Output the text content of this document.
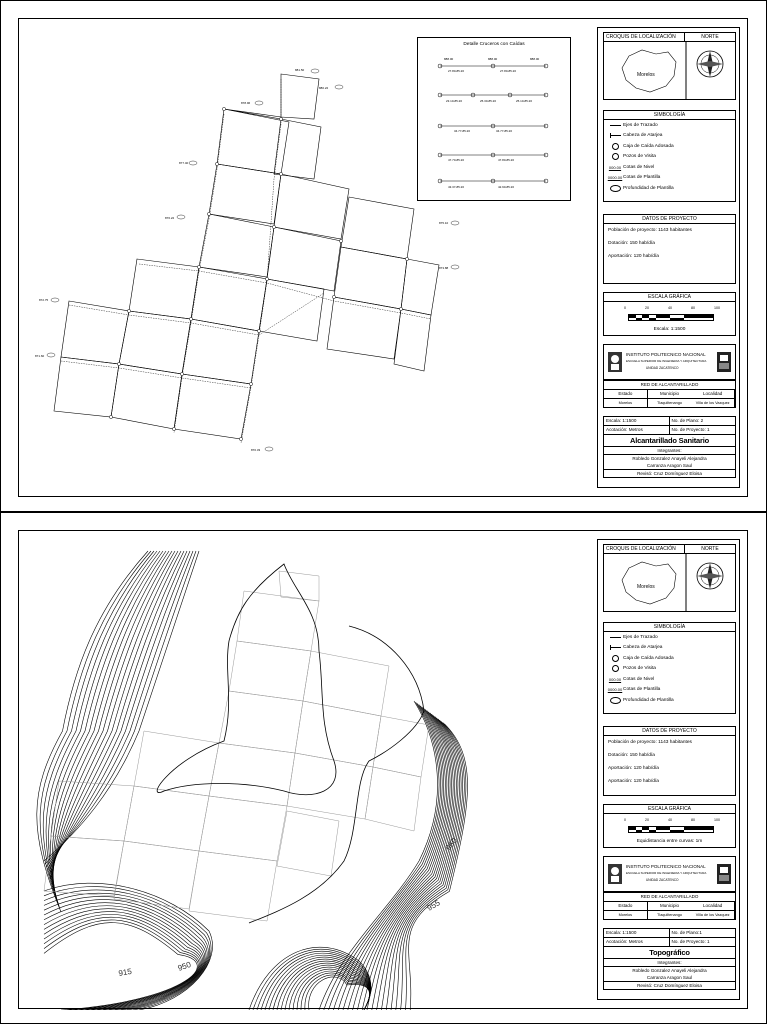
881.50
880.22
878.96
877.40
876.22
875.10
873.88
872.75
871.60
870.33
Detalle Cruceros con Caídas
888.00	888.00	888.00
27.80-85.20	27.80-85.20
23.10-85.20	25.30-85.20	25.10-85.20
34.77-85.20	34.77-85.20
47.70-85.20	47.80-85.20
43.37-85.20	42.90-85.20
CROQUIS DE LOCALIZACIÓN	NORTE
Morelos
SIMBOLOGÍA
Ejes de Trazado
Cabeza de Atarjea
Caja de Caída Adosada
Pozos de Visita
000.00 Cotas de Nivel
0000.00 Cotas de Plantilla
Profundidad de Plantilla
DATOS DE PROYECTO
Población de proyecto: 1143 habitantes
Dotación: 150 hab/día
Aportación: 120 hab/día
ESCALA GRÁFICA
0	20	40	80	100
Escala: 1:1500
INSTITUTO POLITECNICO NACIONAL
ESCUELA SUPERIOR DE INGENIERIA Y ARQUITECTURA
UNIDAD ZACATENCO
RED DE ALCANTARILLADO
Estado	Municipio	Localidad
Morelos	Tlaquiltenango	Villa de los Vazquez
Escala: 1:1500	No. de Plano: 2
Acotación: Metros	No. de Proyecto: 1
Alcantarillado Sanitario
Integrantes:
Robledo Gonzalez Anayeli Alejandra
Carranza Aragon Saul
Revisó: Cruz Domínguez Eloisa
960
955
950
915
CROQUIS DE LOCALIZACIÓN	NORTE
Morelos
SIMBOLOGÍA
Ejes de Trazado
Cabeza de Atarjea
Caja de Caída Adosada
Pozos de Visita
000.00 Cotas de Nivel
0000.00 Cotas de Plantilla
Profundidad de Plantilla
DATOS DE PROYECTO
Población de proyecto: 1143 habitantes
Dotación: 150 hab/día
Aportación: 120 hab/día
Aportación: 120 hab/día
ESCALA GRÁFICA
0	20	40	80	100
Equidistancia entre curvas: 1m
INSTITUTO POLITECNICO NACIONAL
ESCUELA SUPERIOR DE INGENIERIA Y ARQUITECTURA
UNIDAD ZACATENCO
RED DE ALCANTARILLADO
Estado	Municipio	Localidad
Morelos	Tlaquiltenango	Villa de los Vazquez
Escala: 1:1500	No. de Plano:1
Acotación: Metros	No. de Proyecto: 1
Topográfico
Integrantes:
Robledo Gonzalez Anayeli Alejandra
Carranza Aragon Saul
Revisó: Cruz Domínguez Eloisa
